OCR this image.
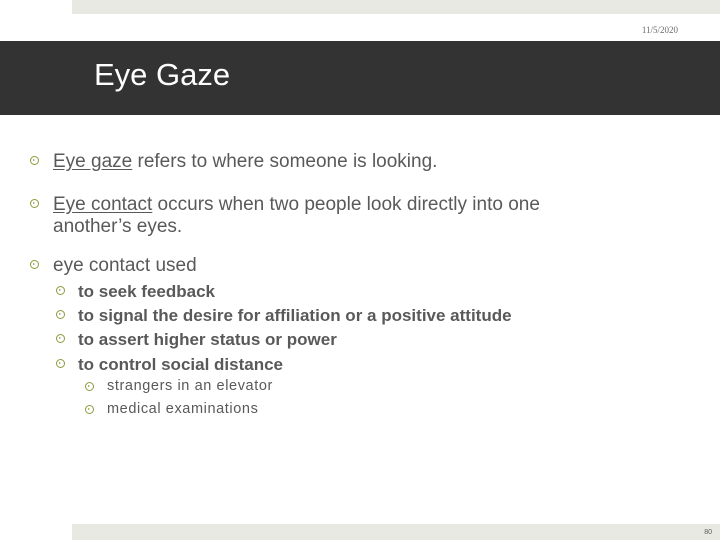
11/5/2020
Eye Gaze
Eye gaze refers to where someone is looking.
Eye contact occurs when two people look directly into one
another’s eyes.
eye contact used
to seek feedback
to signal the desire for affiliation or a positive attitude
to assert higher status or power
to control social distance
strangers in an elevator
medical examinations
80
